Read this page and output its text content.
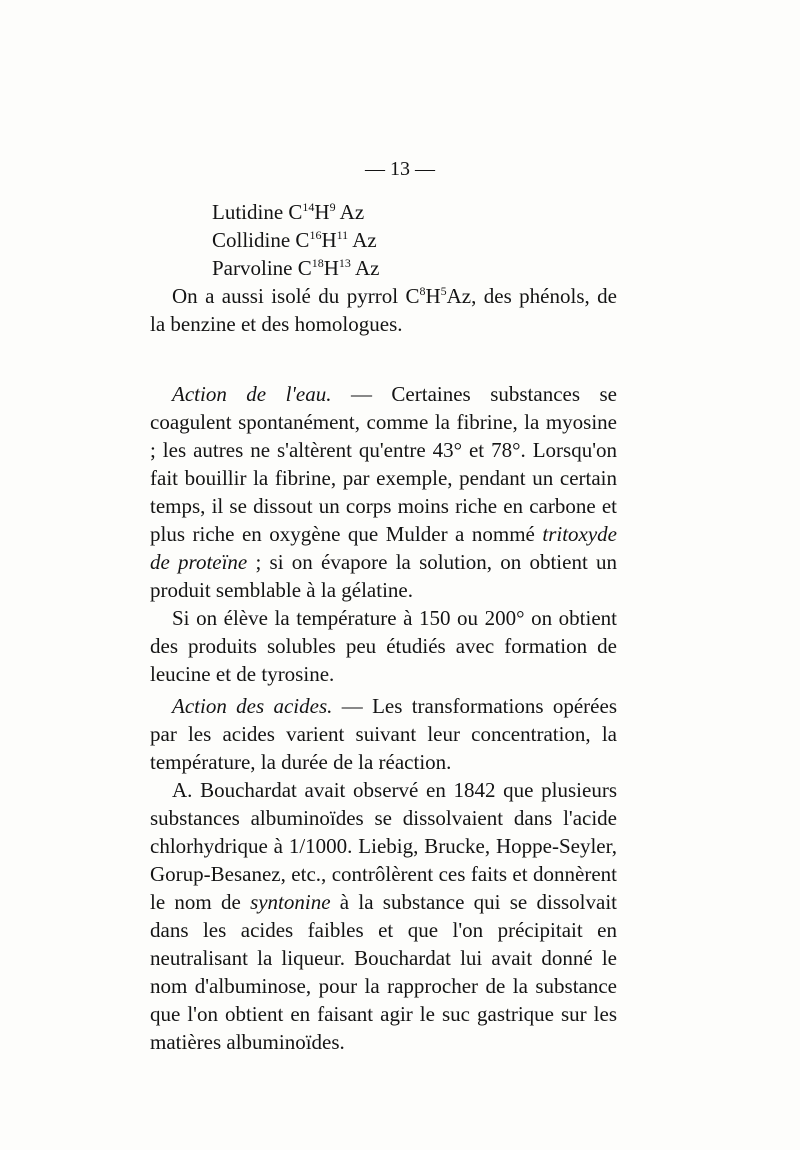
— 13 —
Lutidine $C^{14}H^9$ Az
Collidine $C^{16}H^{11}$ Az
Parvoline $C^{18}H^{13}$ Az

On a aussi isolé du pyrrol $C^8H^5Az$, des phénols, de la benzine et des homologues.

Action de l'eau. — Certaines substances se coagulent spontanément, comme la fibrine, la myosine ; les autres ne s'altèrent qu'entre 43° et 78°. Lorsqu'on fait bouillir la fibrine, par exemple, pendant un certain temps, il se dissout un corps moins riche en carbone et plus riche en oxygène que Mulder a nommé tritoxyde de proteïne ; si on évapore la solution, on obtient un produit semblable à la gélatine.

Si on élève la température à 150 ou 200° on obtient des produits solubles peu étudiés avec formation de leucine et de tyrosine.

Action des acides. — Les transformations opérées par les acides varient suivant leur concentration, la température, la durée de la réaction.

A. Bouchardat avait observé en 1842 que plusieurs substances albuminoïdes se dissolvaient dans l'acide chlorhydrique à 1/1000. Liebig, Brucke, Hoppe-Seyler, Gorup-Besanez, etc., contrôlèrent ces faits et donnèrent le nom de syntonine à la substance qui se dissolvait dans les acides faibles et que l'on précipitait en neutralisant la liqueur. Bouchardat lui avait donné le nom d'albuminose, pour la rapprocher de la substance que l'on obtient en faisant agir le suc gastrique sur les matières albuminoïdes.
